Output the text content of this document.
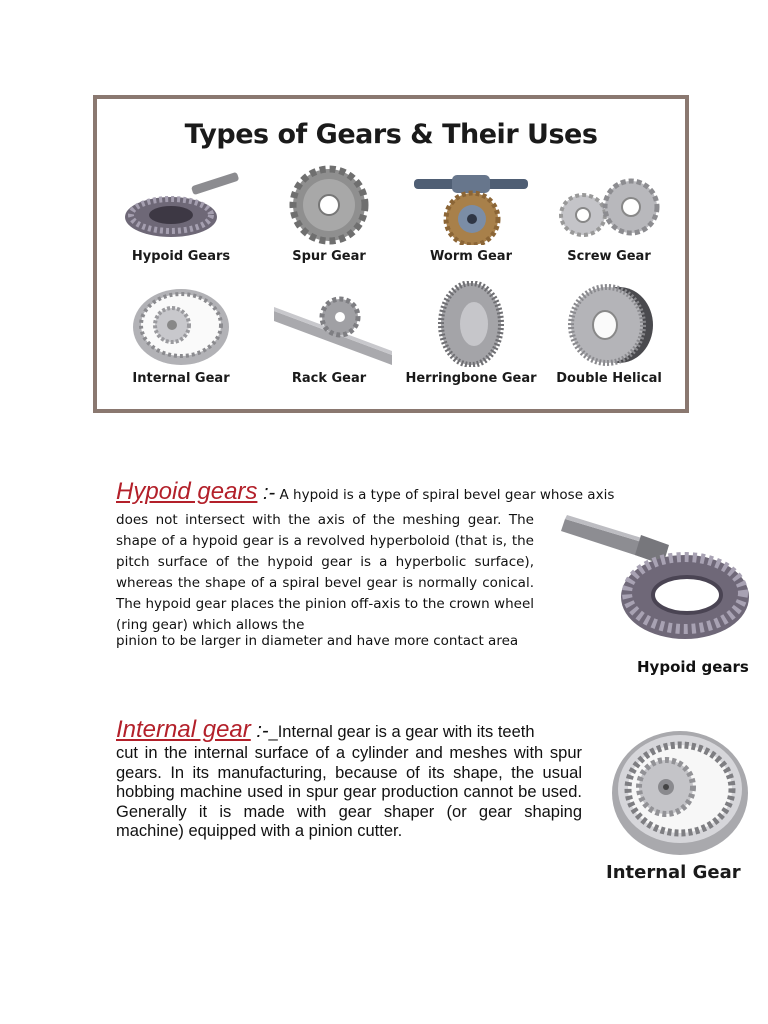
Types of Gears & Their Uses
Hypoid Gears	Spur Gear	Worm Gear	Screw Gear
Internal Gear	Rack Gear	Herringbone Gear	Double Helical
Hypoid gears :- A hypoid is a type of spiral bevel gear whose axis
does not intersect with the axis of the meshing gear. The shape of a hypoid gear is a revolved hyperboloid (that is, the pitch surface of the hypoid gear is a hyperbolic surface), whereas the shape of a spiral bevel gear is normally conical. The hypoid gear places the pinion off-axis to the crown wheel (ring gear) which allows the
pinion to be larger in diameter and have more contact area
Hypoid gears
Internal gear :-_Internal gear is a gear with its teeth
cut in the internal surface of a cylinder and meshes with spur gears. In its manufacturing, because of its shape, the usual hobbing machine used in spur gear production cannot be used. Generally it is made with gear shaper (or gear shaping machine) equipped with a pinion cutter.
Internal Gear
